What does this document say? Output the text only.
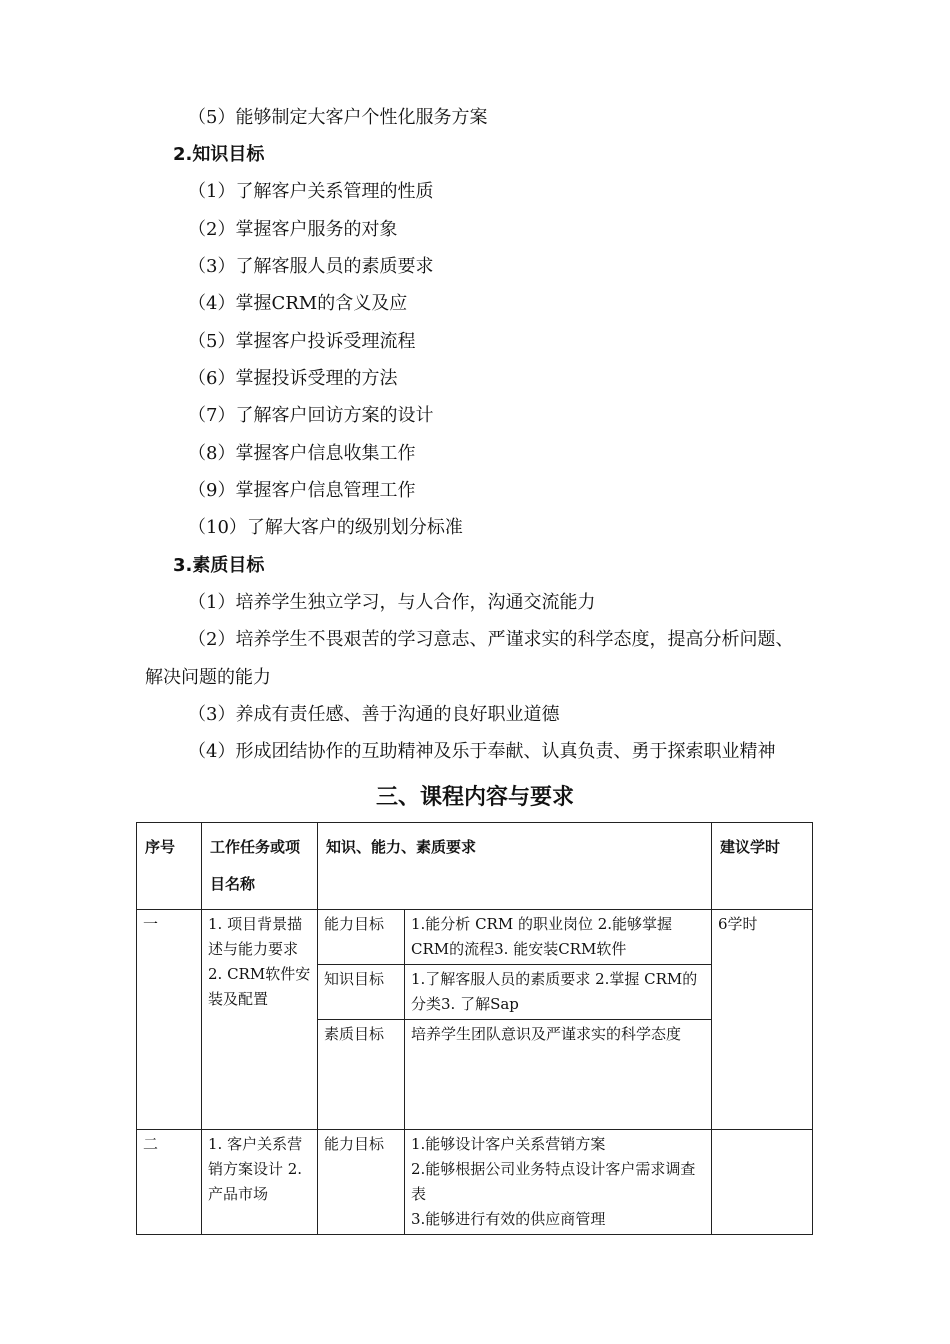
（5）能够制定大客户个性化服务方案
2.知识目标
（1）了解客户关系管理的性质
（2）掌握客户服务的对象
（3）了解客服人员的素质要求
（4）掌握CRM的含义及应
（5）掌握客户投诉受理流程
（6）掌握投诉受理的方法
（7）了解客户回访方案的设计
（8）掌握客户信息收集工作
（9）掌握客户信息管理工作
（10）了解大客户的级别划分标准
3.素质目标
（1）培养学生独立学习，与人合作，沟通交流能力
（2）培养学生不畏艰苦的学习意志、严谨求实的科学态度，提高分析问题、
解决问题的能力
（3）养成有责任感、善于沟通的良好职业道德
（4）形成团结协作的互助精神及乐于奉献、认真负责、勇于探索职业精神
三、课程内容与要求
序号	工作任务或项目名称	知识、能力、素质要求		建议学时
一	1. 项目背景描述与能力要求 2. CRM软件安装及配置	能力目标	1.能分析 CRM 的职业岗位 2.能够掌握CRM的流程3. 能安装CRM软件	6学时
		知识目标	1.了解客服人员的素质要求 2.掌握 CRM的分类3. 了解Sap	
		素质目标	培养学生团队意识及严谨求实的科学态度	
二	1. 客户关系营销方案设计 2. 产品市场	能力目标	1.能够设计客户关系营销方案
2.能够根据公司业务特点设计客户需求调查表
3.能够进行有效的供应商管理	
